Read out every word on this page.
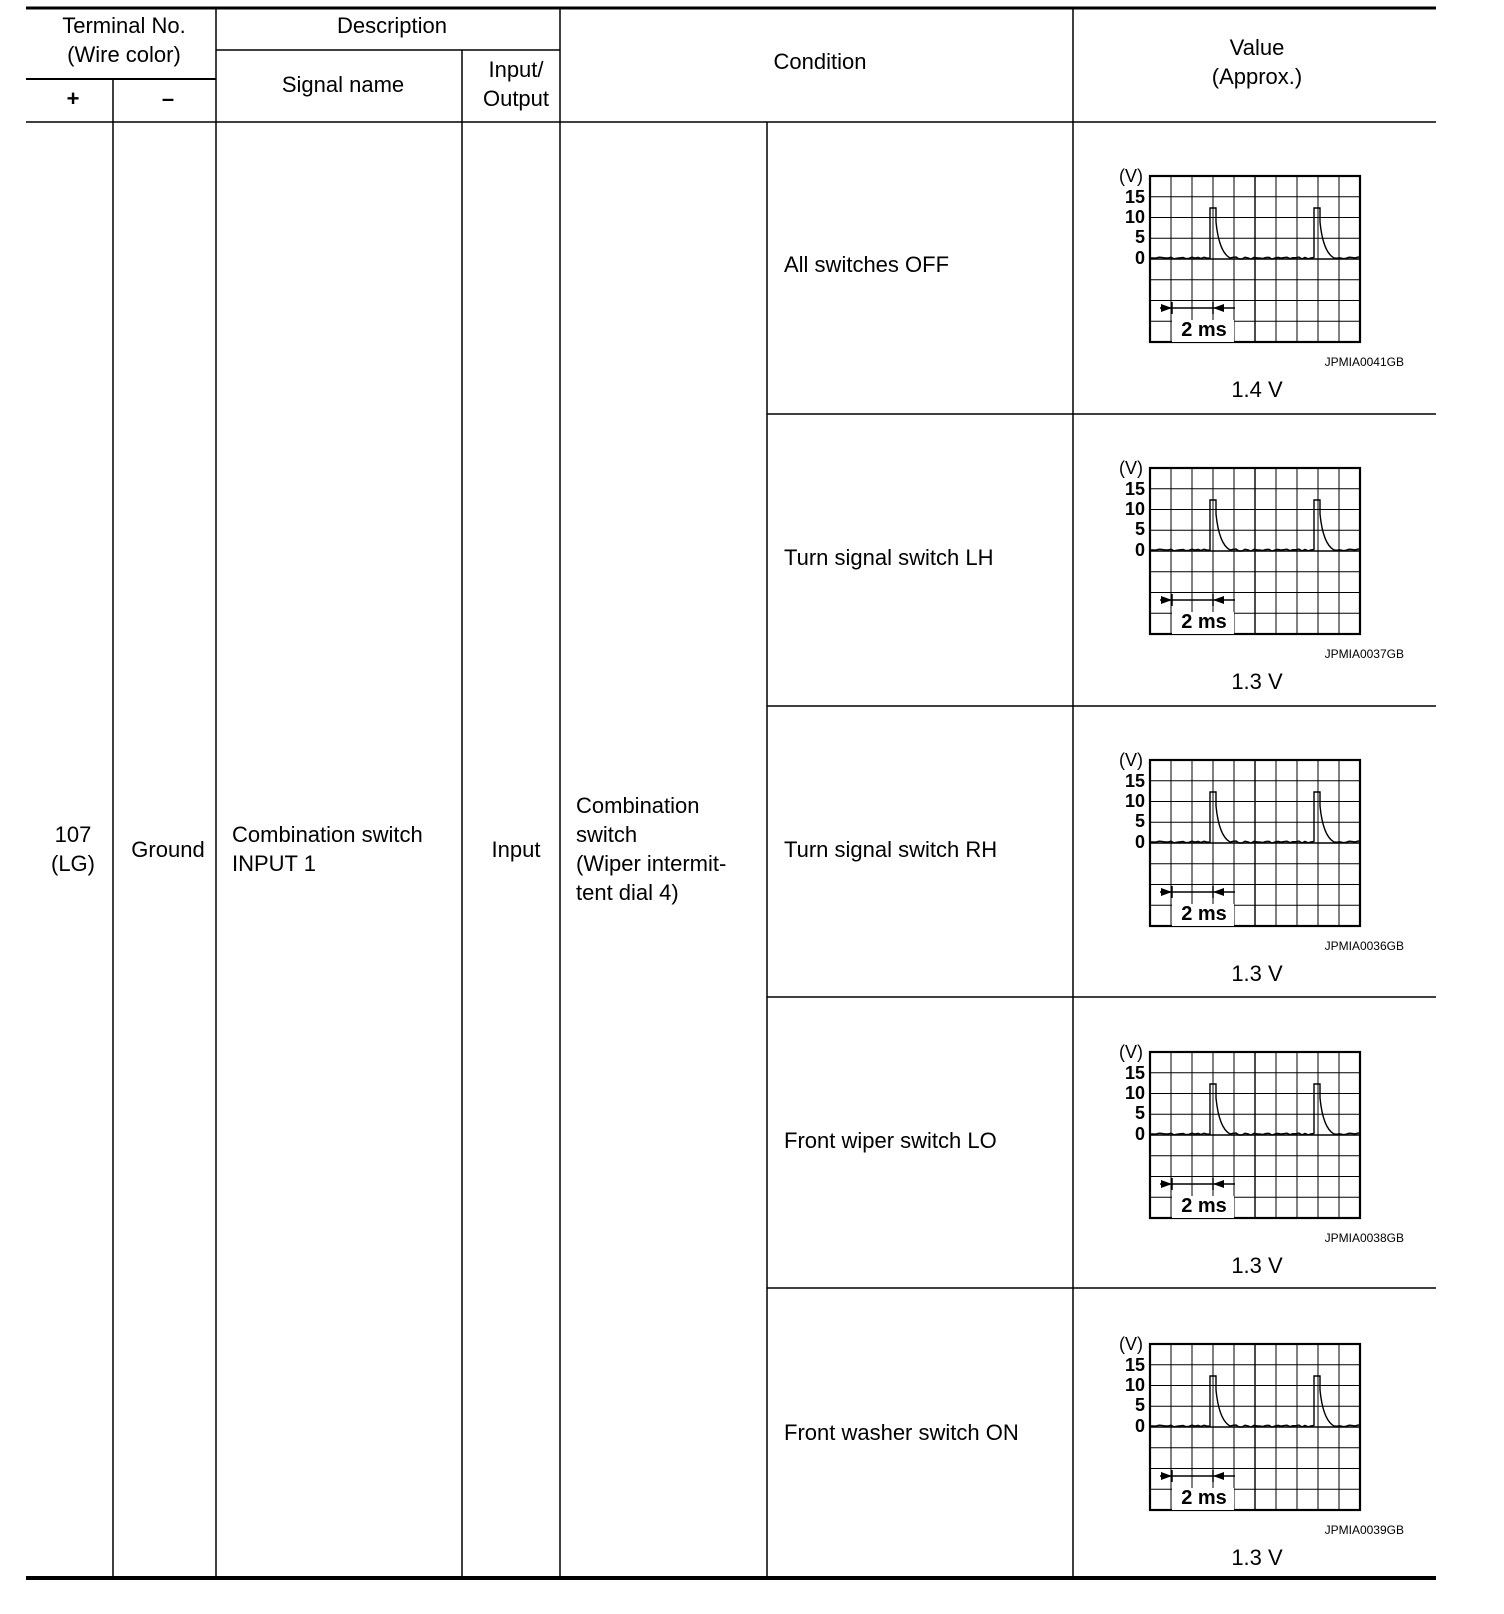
Terminal No.
(Wire color)
+	–
Description
Signal name
Input/
Output
Condition
Value
(Approx.)
107
(LG)
Ground
Combination switch
INPUT 1
Input
Combination
switch
(Wiper intermit-
tent dial 4)
All switches OFF
Turn signal switch LH
Turn signal switch RH
Front wiper switch LO
Front washer switch ON
(V)
15
10
5
0
2 ms
JPMIA0041GB
1.4 V
(V)
15
10
5
0
2 ms
JPMIA0037GB
1.3 V
(V)
15
10
5
0
2 ms
JPMIA0036GB
1.3 V
(V)
15
10
5
0
2 ms
JPMIA0038GB
1.3 V
(V)
15
10
5
0
2 ms
JPMIA0039GB
1.3 V
